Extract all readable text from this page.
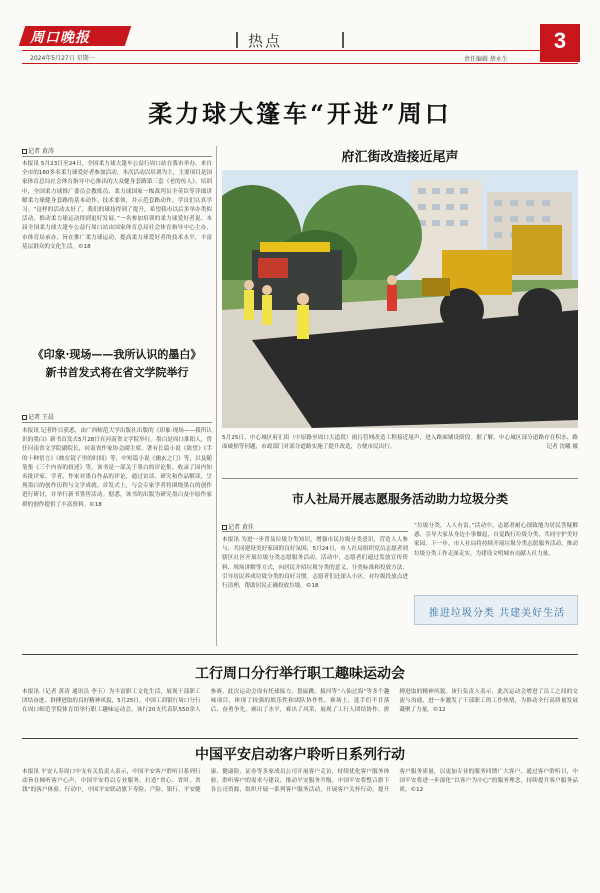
周口晚报
2024年5月27日 星期一
热点
责任编辑 蔡永生
3
柔力球大篷车“开进”周口
记者 黄涛
本报讯 5月23日至24日，全国柔力球大篷车公益行周口站在我市举办，来自全市的160多名柔力球爱好者参加活动。本次活动以培训为主，主要项目是国家体育总局社会体育指导中心推出的大众健身套路第三套《老的传人》。培训中，全国柔力球推广委员会教练员、柔力球国家一级裁判员全英臣等详细讲解柔力球健身套路的基本动作、技术要领，并示范套路动作，学员们认真学习。“这样的活动太好了，我们的球技得到了提升，希望我市以后多举办类似活动，推动柔力球运动得到更好发展。”一名参加培训的柔力球爱好者说。本届全国柔力球大篷车公益行周口站由国家体育总局社会体育指导中心主办，市体育局承办，旨在推广柔力球运动，提高柔力球爱好者的技术水平，丰富基层群众的文化生活。©18
《印象·现场——我所认识的墨白》
新书首发式将在省文学院举行
记者 王晨
本报讯 记者昨日获悉，由广西师范大学出版社出版的《印象·现场——我所认识的墨白》新书首发式5月28日在河南省文学院举行。墨白是周口淮阳人，曾任河南省文学院副院长，河南省作家协会副主席。著有长篇小说《欲望》《手的十种语言》《映在镜子里的时间》等，中短篇小说《幽玄之门》等，以及随笔集《三个内容的叙述》等。该书是一部关于墨白的评论集，收录了国内知名批评家、学者、作家对墨白作品的评论，通过访谈、研究和作品解读，呈现墨白的创作历程与文学成就。首发式上，与会专家学者将围绕墨白的创作进行研讨，并举行新书签售活动。据悉，该书的出版为研究墨白及中原作家群的创作提供了丰富资料。©18
府汇街改造接近尾声
5月25日，中心城区府汇街（中原路至周口大道段）雨污管网改造工程接近尾声，进入路面铺设阶段。据了解，中心城区部分道路存在积水、路面破损等问题，市政部门对部分道路实施了提升改造，方便市民出行。	记者 沈曦 摄
市人社局开展志愿服务活动助力垃圾分类
记者 黄佳
本报讯 为进一步普及垃圾分类知识，增强市民垃圾分类意识，营造人人参与、共同建设美好家园的良好氛围，5月24日，市人社局组织党员志愿者到辖区社区开展垃圾分类志愿服务活动。活动中，志愿者们通过发放宣传资料、现场讲解等方式，向居民介绍垃圾分类的意义、分类标准和投放方法，引导居民养成垃圾分类的良好习惯。志愿者们还深入小区，对垃圾投放点进行清理，帮助居民正确投放垃圾。©18
“垃圾分类，人人有责。”活动中，志愿者耐心细致地为居民答疑解惑，引导大家从身边小事做起，自觉践行垃圾分类，共同守护美好家园。下一步，市人社局将持续开展垃圾分类志愿服务活动，推动垃圾分类工作走深走实，为建设文明城市贡献人社力量。
推进垃圾分类 共建美好生活
工行周口分行举行职工趣味运动会
本报讯（记者 黄涛 通讯员 李玉）为丰富职工文化生活，展现干部职工团结奋进、拼搏进取的良好精神风貌，5月25日，中国工商银行周口分行在周口师范学院体育馆举行职工趣味运动会。该行20支代表队550余人参赛。此次运动会设有托球接力、袋鼠跳、拔河等“八仙过海”等多个趣味项目，体现了较强的娱乐性和团队协作性。赛场上，选手们不甘落后、奋勇争先，赛出了水平，赛出了风采，展现了工行人团结协作、拼搏进取的精神风貌。该行负责人表示，此次运动会增进了员工之间的交流与沟通，进一步激发了干部职工的工作热情，为推动全行高质量发展凝聚了力量。©12
中国平安启动客户聆听日系列行动
本报讯 平安人寿周口中支有关负责人表示，中国平安客户聆听日系列行动旨在倾听客户心声，中国平安将以专业服务，打造“省心、省时、省钱”的客户体验。行动中，中国平安联动旗下寿险、产险、银行、平安健康、健康险、证券等多家成员公司开展客户走访，持续优化客户服务体验，聆听客户的需求与建议，推动平安服务升级。中国平安将整合旗下各公司资源，组织开展一系列客户服务活动，开展客户关怀行动，提升客户服务质量，以更加专业的服务回馈广大客户。通过客户聆听日，中国平安将进一步深化“以客户为中心”的服务理念，持续提升客户服务品质。©12
